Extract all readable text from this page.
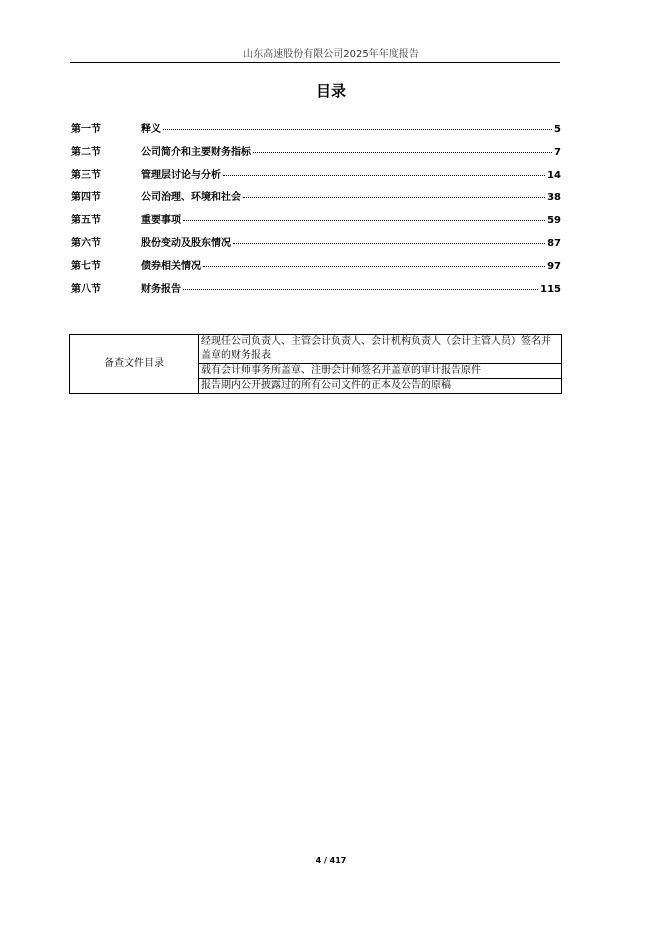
山东高速股份有限公司2025年年度报告
目录
第一节	释义	5
第二节	公司简介和主要财务指标	7
第三节	管理层讨论与分析	14
第四节	公司治理、环境和社会	38
第五节	重要事项	59
第六节	股份变动及股东情况	87
第七节	债券相关情况	97
第八节	财务报告	115
备查文件目录	经现任公司负责人、主管会计负责人、会计机构负责人（会计主管人员）签名并盖章的财务报表
载有会计师事务所盖章、注册会计师签名并盖章的审计报告原件
报告期内公开披露过的所有公司文件的正本及公告的原稿
4 / 417
